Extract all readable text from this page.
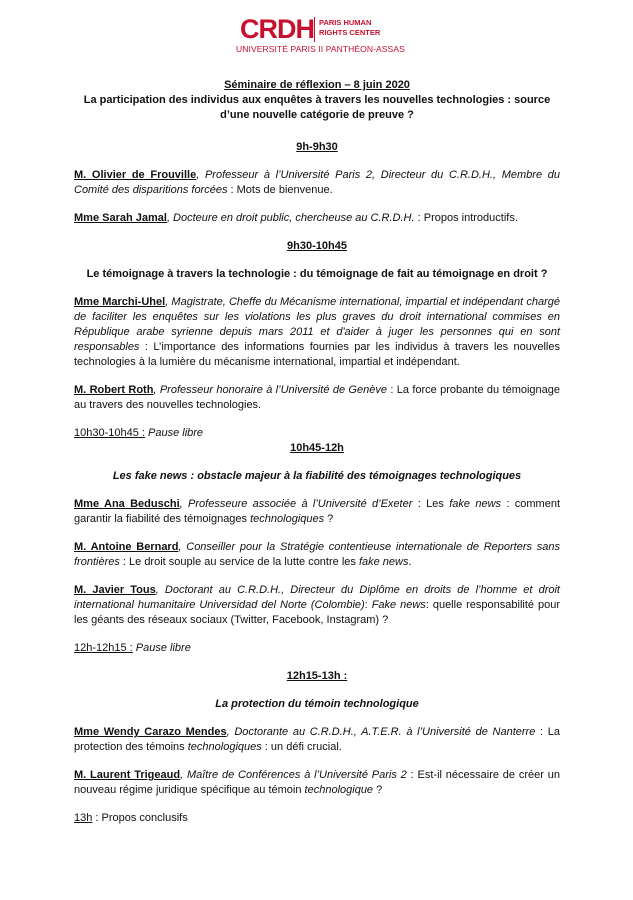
CRDH PARIS HUMAN
RIGHTS CENTER
UNIVERSITÉ PARIS II PANTHÉON-ASSAS

Séminaire de réflexion – 8 juin 2020

La participation des individus aux enquêtes à travers les nouvelles technologies : source
d’une nouvelle catégorie de preuve ?

9h-9h30

M. Olivier de Frouville, Professeur à l’Université Paris 2, Directeur du C.R.D.H., Membre du Comité des disparitions forcées : Mots de bienvenue.

Mme Sarah Jamal, Docteure en droit public, chercheuse au C.R.D.H. : Propos introductifs.

9h30-10h45

Le témoignage à travers la technologie : du témoignage de fait au témoignage en droit ?

Mme Marchi-Uhel, Magistrate, Cheffe du Mécanisme international, impartial et indépendant chargé de faciliter les enquêtes sur les violations les plus graves du droit international commises en République arabe syrienne depuis mars 2011 et d'aider à juger les personnes qui en sont responsables : L’importance des informations fournies par les individus à travers les nouvelles technologies à la lumière du mécanisme international, impartial et indépendant.

M. Robert Roth, Professeur honoraire à l’Université de Genève : La force probante du témoignage au travers des nouvelles technologies.

10h30-10h45 : Pause libre

10h45-12h

Les fake news : obstacle majeur à la fiabilité des témoignages technologiques

Mme Ana Beduschi, Professeure associée à l’Université d’Exeter : Les fake news : comment garantir la fiabilité des témoignages technologiques ?

M. Antoine Bernard, Conseiller pour la Stratégie contentieuse internationale de Reporters sans frontières : Le droit souple au service de la lutte contre les fake news.

M. Javier Tous, Doctorant au C.R.D.H., Directeur du Diplôme en droits de l’homme et droit international humanitaire Universidad del Norte (Colombie): Fake news: quelle responsabilité pour les géants des réseaux sociaux (Twitter, Facebook, Instagram) ?

12h-12h15 : Pause libre

12h15-13h :

La protection du témoin technologique

Mme Wendy Carazo Mendes, Doctorante au C.R.D.H., A.T.E.R. à l’Université de Nanterre : La protection des témoins technologiques : un défi crucial.

M. Laurent Trigeaud, Maître de Conférences à l’Université Paris 2 : Est-il nécessaire de créer un nouveau régime juridique spécifique au témoin technologique ?

13h : Propos conclusifs
